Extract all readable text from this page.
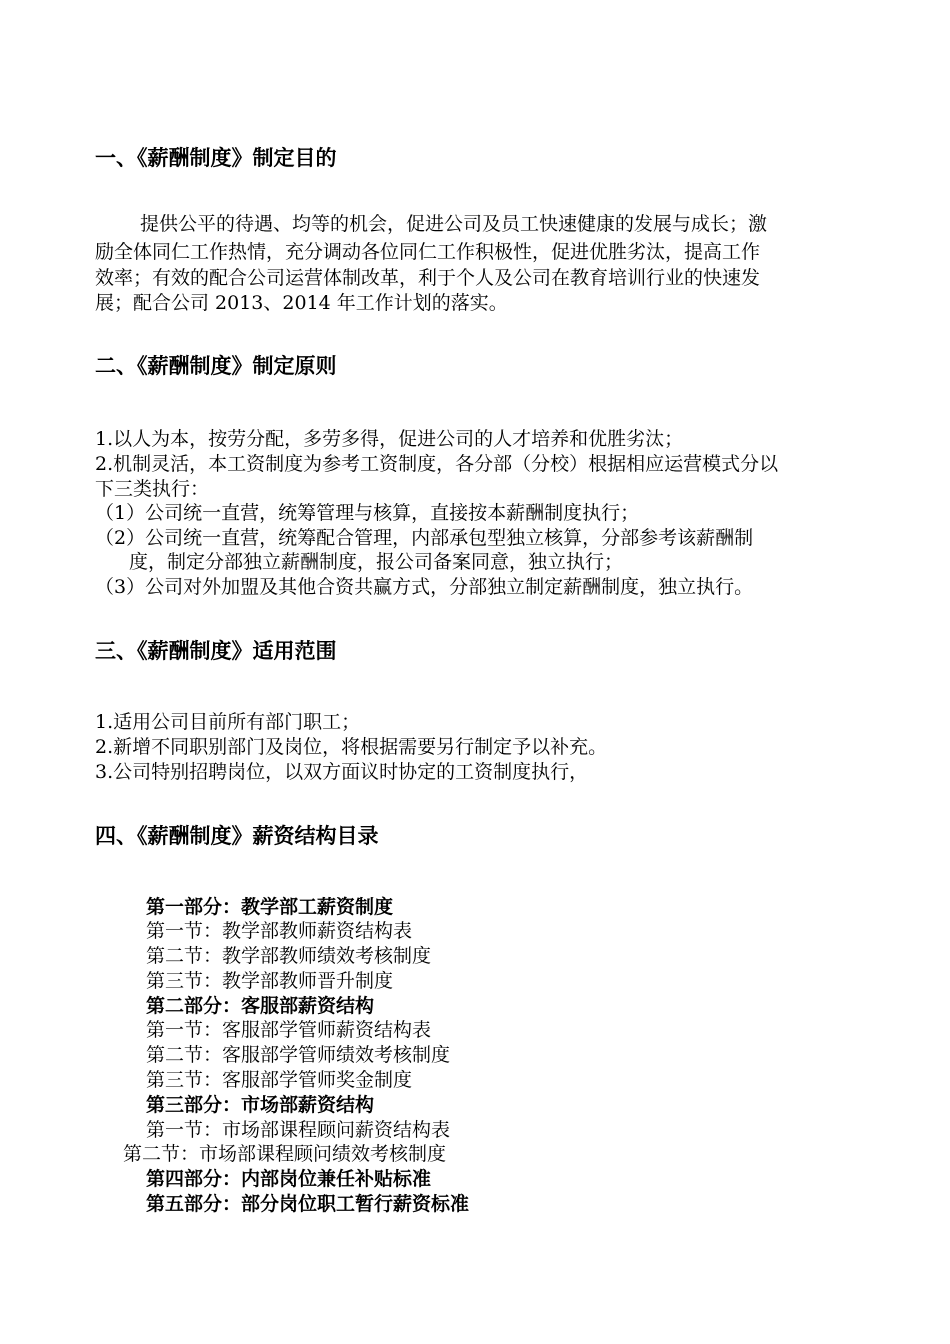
一、《薪酬制度》制定目的
提供公平的待遇、均等的机会，促进公司及员工快速健康的发展与成长；激
励全体同仁工作热情，充分调动各位同仁工作积极性，促进优胜劣汰，提高工作
效率；有效的配合公司运营体制改革，利于个人及公司在教育培训行业的快速发
展；配合公司 2013、2014 年工作计划的落实。
二、《薪酬制度》制定原则
1.以人为本，按劳分配，多劳多得，促进公司的人才培养和优胜劣汰；
2.机制灵活，本工资制度为参考工资制度，各分部（分校）根据相应运营模式分以
下三类执行：
（1）公司统一直营，统筹管理与核算，直接按本薪酬制度执行；
（2）公司统一直营，统筹配合管理，内部承包型独立核算，分部参考该薪酬制
度，制定分部独立薪酬制度，报公司备案同意，独立执行；
（3）公司对外加盟及其他合资共赢方式，分部独立制定薪酬制度，独立执行。
三、《薪酬制度》适用范围
1.适用公司目前所有部门职工；
2.新增不同职别部门及岗位，将根据需要另行制定予以补充。
3.公司特别招聘岗位，以双方面议时协定的工资制度执行，
四、《薪酬制度》薪资结构目录
第一部分：教学部工薪资制度
第一节：教学部教师薪资结构表
第二节：教学部教师绩效考核制度
第三节：教学部教师晋升制度
第二部分：客服部薪资结构
第一节：客服部学管师薪资结构表
第二节：客服部学管师绩效考核制度
第三节：客服部学管师奖金制度
第三部分：市场部薪资结构
第一节：市场部课程顾问薪资结构表
第二节：市场部课程顾问绩效考核制度
第四部分：内部岗位兼任补贴标准
第五部分：部分岗位职工暂行薪资标准
